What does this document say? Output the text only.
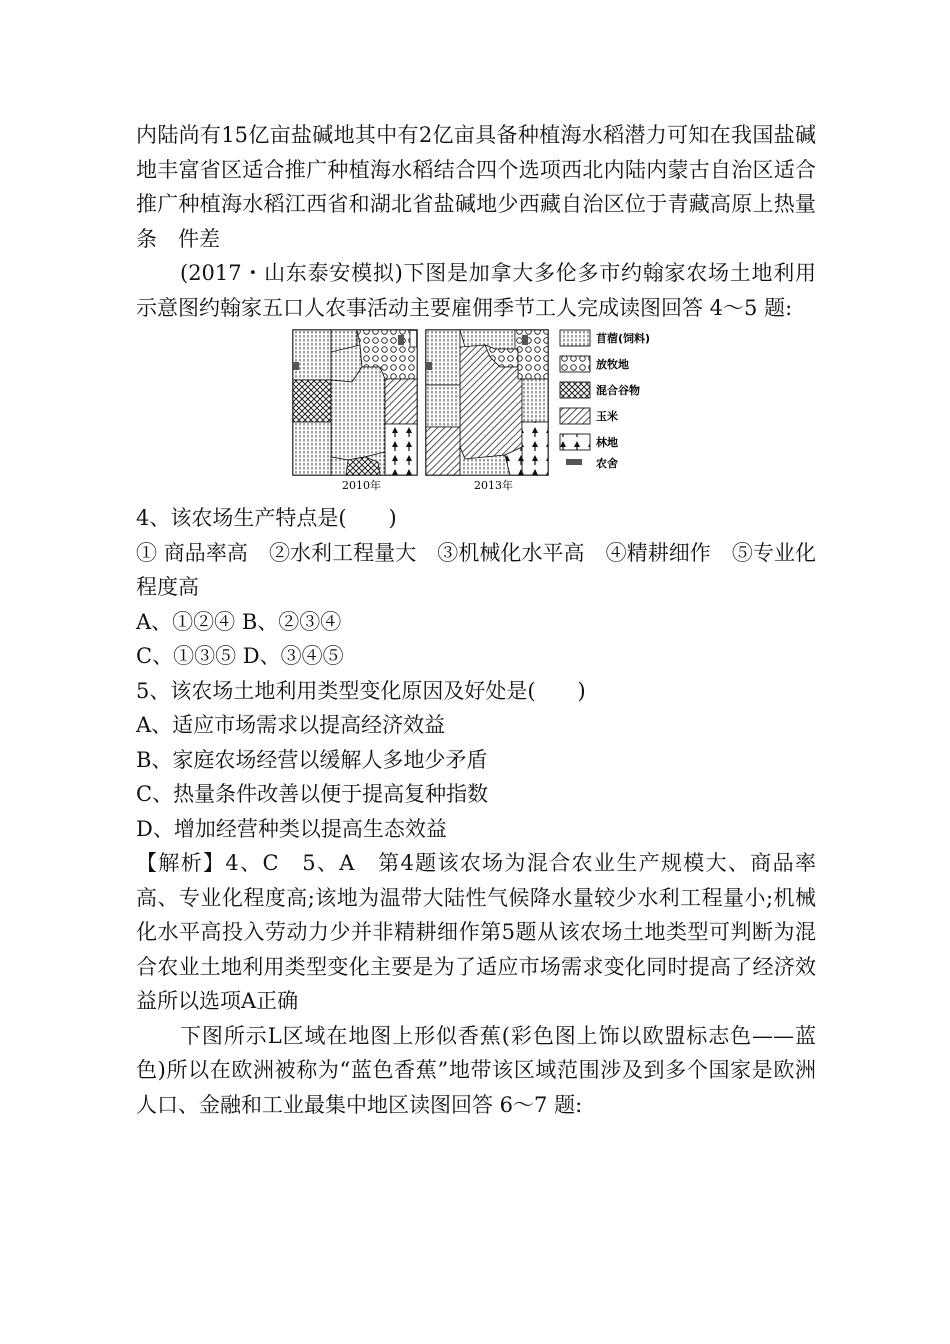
内陆尚有15亿亩盐碱地其中有2亿亩具备种植海水稻潜力可知在我国盐碱地丰富省区适合推广种植海水稻结合四个选项西北内陆内蒙古自治区适合推广种植海水稻江西省和湖北省盐碱地少西藏自治区位于青藏高原上热量条　件差

(2017・山东泰安模拟)下图是加拿大多伦多市约翰家农场土地利用示意图约翰家五口人农事活动主要雇佣季节工人完成读图回答 4～5 题:

2010年	2013年
苜蓿(饲料)
放牧地
混合谷物
玉米
林地
农舍

4、该农场生产特点是(　　)

① 商品率高　②水利工程量大　③机械化水平高　④精耕细作　⑤专业化程度高

A、①②④ B、②③④

C、①③⑤ D、③④⑤

5、该农场土地利用类型变化原因及好处是(　　)

A、适应市场需求以提高经济效益

B、家庭农场经营以缓解人多地少矛盾

C、热量条件改善以便于提高复种指数

D、增加经营种类以提高生态效益

【解析】4、C　5、A　第4题该农场为混合农业生产规模大、商品率高、专业化程度高;该地为温带大陆性气候降水量较少水利工程量小;机械化水平高投入劳动力少并非精耕细作第5题从该农场土地类型可判断为混合农业土地利用类型变化主要是为了适应市场需求变化同时提高了经济效益所以选项A正确

下图所示L区域在地图上形似香蕉(彩色图上饰以欧盟标志色——蓝色)所以在欧洲被称为“蓝色香蕉”地带该区域范围涉及到多个国家是欧洲人口、金融和工业最集中地区读图回答 6～7 题:
